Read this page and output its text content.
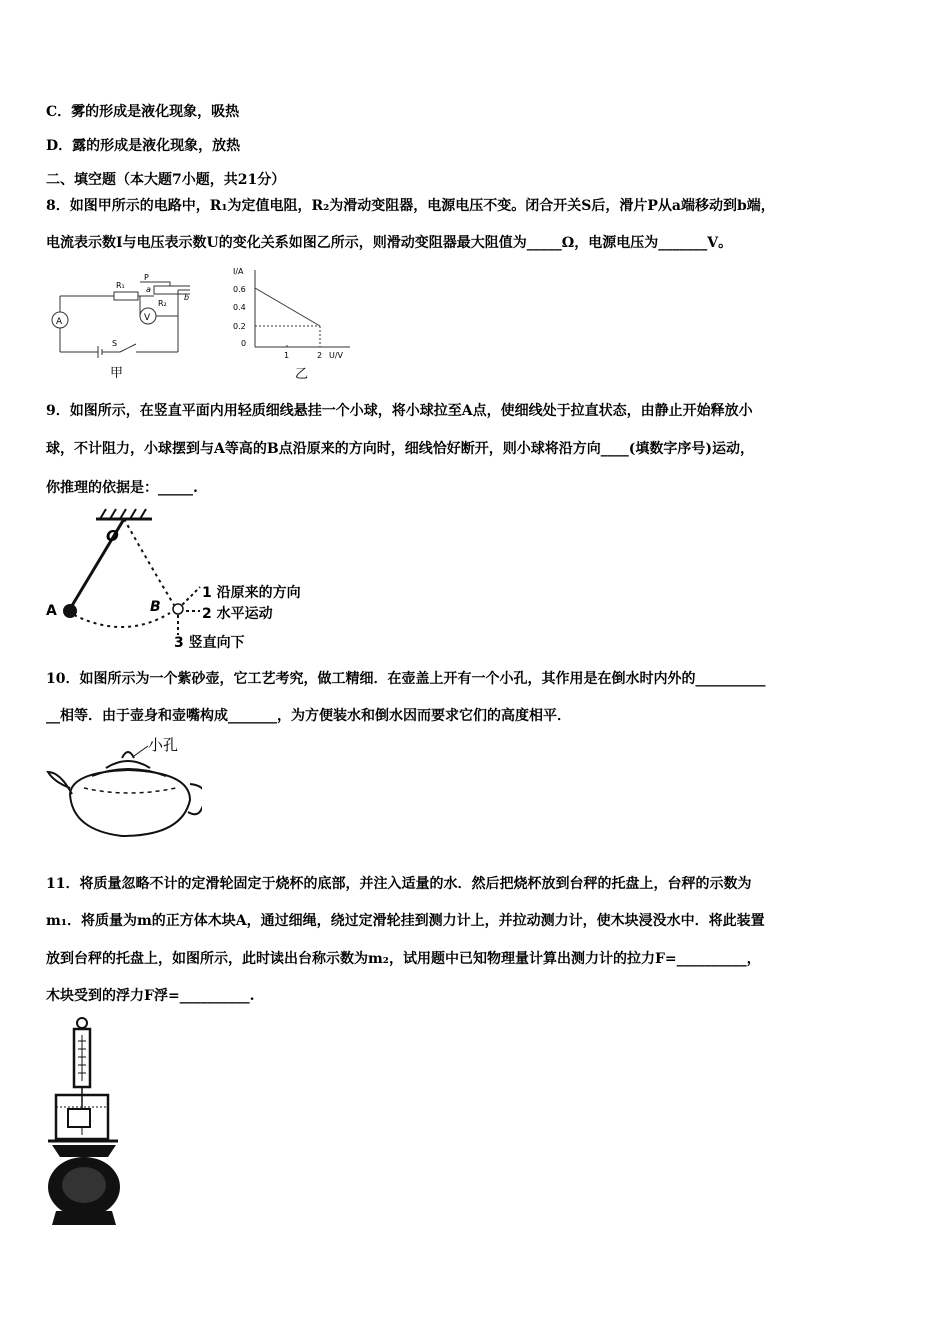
C．雾的形成是液化现象，吸热
D．露的形成是液化现象，放热
二、填空题（本大题7小题，共21分）
8．如图甲所示的电路中，R₁为定值电阻，R₂为滑动变阻器，电源电压不变。闭合开关S后，滑片P从a端移动到b端，
电流表示数I与电压表示数U的变化关系如图乙所示，则滑动变阻器最大阻值为_____Ω，电源电压为_______V。
R₁
R₂
P
a
b
A	V
S
甲
I/A
0.6
0.4
0.2
0
1	2 U/V
乙
9．如图所示，在竖直平面内用轻质细线悬挂一个小球，将小球拉至A点，使细线处于拉直状态，由静止开始释放小
球，不计阻力，小球摆到与A等高的B点沿原来的方向时，细线恰好断开，则小球将沿方向____(填数字序号)运动，
你推理的依据是：_____.
O
A	B
1 沿原来的方向
2 水平运动
3 竖直向下
10．如图所示为一个紫砂壶，它工艺考究，做工精细．在壶盖上开有一个小孔，其作用是在倒水时内外的__________
__相等．由于壶身和壶嘴构成_______，为方便装水和倒水因而要求它们的高度相平．
小孔
11．将质量忽略不计的定滑轮固定于烧杯的底部，并注入适量的水．然后把烧杯放到台秤的托盘上，台秤的示数为
m₁．将质量为m的正方体木块A，通过细绳，绕过定滑轮挂到测力计上，并拉动测力计，使木块浸没水中．将此装置
放到台秤的托盘上，如图所示，此时读出台称示数为m₂，试用题中已知物理量计算出测力计的拉力F=__________，
木块受到的浮力F浮=__________.
